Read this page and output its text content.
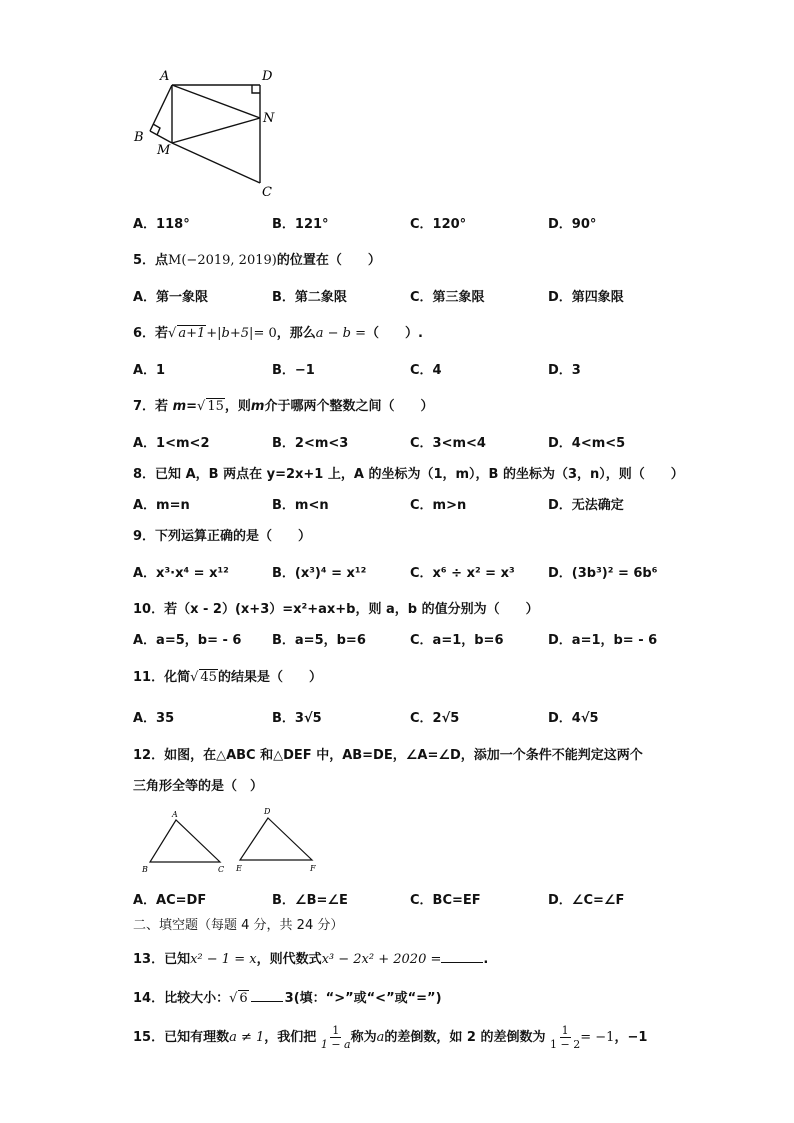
A	D
B
M
N
C
A．118°	B．121°	C．120°	D．90°
5．点M(−2019, 2019)的位置在（　　）
A．第一象限	B．第二象限	C．第三象限	D．第四象限
6．若√ a+1+|b+5|= 0，那么a − b =（　　）.
A．1	B．−1	C．4	D．3
7．若 m=√ 15，则m介于哪两个整数之间（　　）
A．1<m<2	B．2<m<3	C．3<m<4	D．4<m<5
8．已知 A，B 两点在 y=2x+1 上，A 的坐标为（1，m），B 的坐标为（3，n），则（　　）
A．m=n	B．m<n	C．m>n	D．无法确定
9．下列运算正确的是（　　）
A．x³·x⁴ = x¹²	B．(x³)⁴ = x¹²	C．x⁶ ÷ x² = x³	D．(3b³)² = 6b⁶
10．若（x - 2）(x+3）=x²+ax+b，则 a，b 的值分别为（　　）
A．a=5，b= - 6 B．a=5，b=6	C．a=1，b=6	D．a=1，b= - 6
11．化简√ 45的结果是（　　）
A．35	B．3√5	C．2√5	D．4√5
12．如图，在△ABC 和△DEF 中，AB=DE，∠A=∠D，添加一个条件不能判定这两个
三角形全等的是（　）
A
B	C
D
E	F
A．AC=DF	B．∠B=∠E	C．BC=EF	D．∠C=∠F
二、填空题（每题 4 分，共 24 分）
13．已知x² − 1 = x，则代数式x³ − 2x² + 2020 =	.
14．比较大小：√ 6	3(填：“>”或“<”或“=”)
15．已知有理数a ≠ 1，我们把 $\frac{1}{1 - a}$ 称为a的差倒数，如 2 的差倒数为 $\frac{1}{1 - 2} = -1$，−1
